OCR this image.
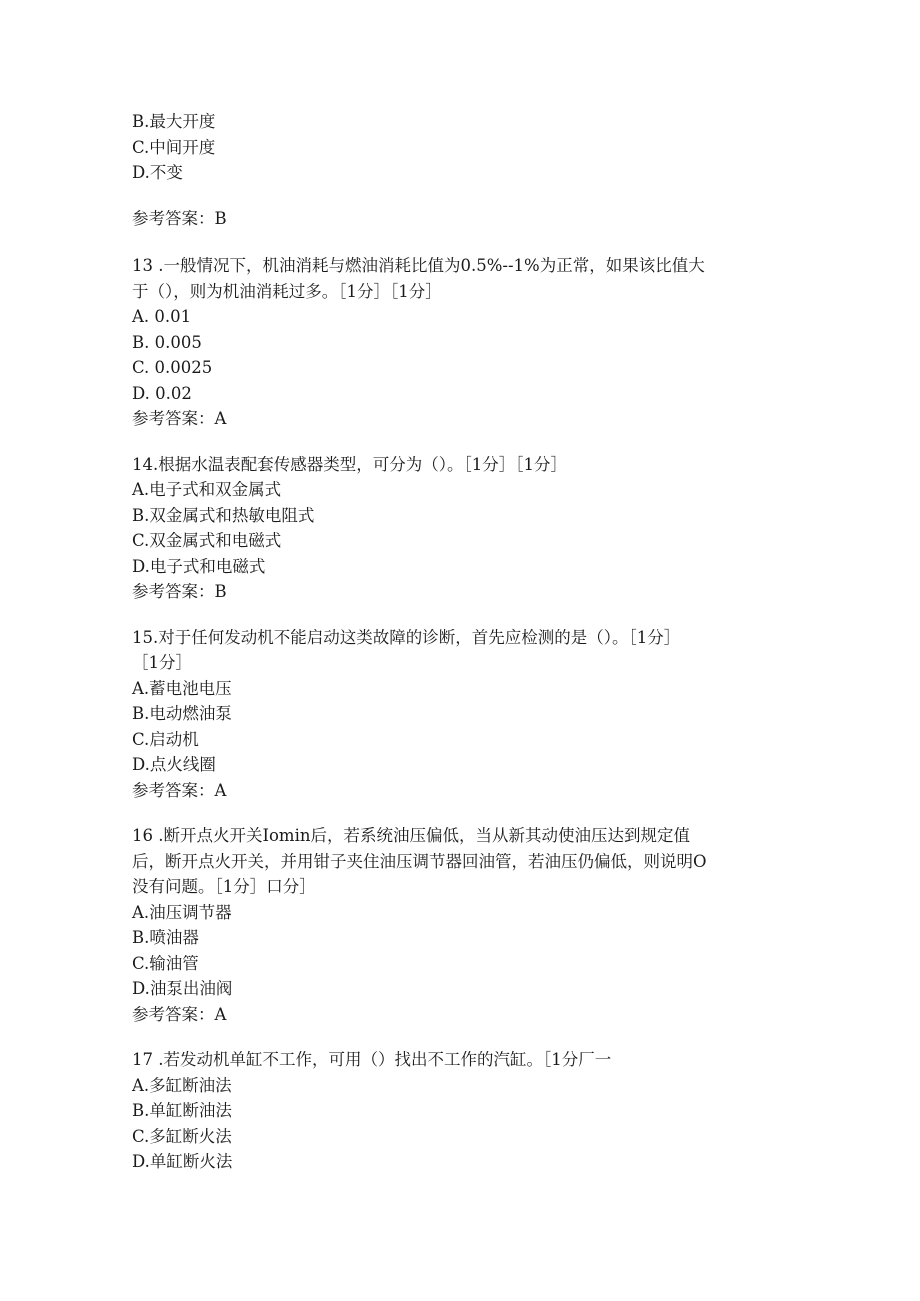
B.最大开度
C.中间开度
D.不变
参考答案：B
13 .一般情况下，机油消耗与燃油消耗比值为0.5%--1%为正常，如果该比值大
于（），则为机油消耗过多。［1分］［1分］
A. 0.01
B. 0.005
C. 0.0025
D. 0.02
参考答案：A
14.根据水温表配套传感器类型，可分为（）。［1分］［1分］
A.电子式和双金属式
B.双金属式和热敏电阻式
C.双金属式和电磁式
D.电子式和电磁式
参考答案：B
15.对于任何发动机不能启动这类故障的诊断，首先应检测的是（）。［1分］
［1分］
A.蓄电池电压
B.电动燃油泵
C.启动机
D.点火线圈
参考答案：A
16 .断开点火开关Iomin后，若系统油压偏低，当从新其动使油压达到规定值
后，断开点火开关，并用钳子夹住油压调节器回油管，若油压仍偏低，则说明O
没有问题。［1分］口分］
A.油压调节器
B.喷油器
C.输油管
D.油泵出油阀
参考答案：A
17 .若发动机单缸不工作，可用（）找出不工作的汽缸。［1分厂一
A.多缸断油法
B.单缸断油法
C.多缸断火法
D.单缸断火法
